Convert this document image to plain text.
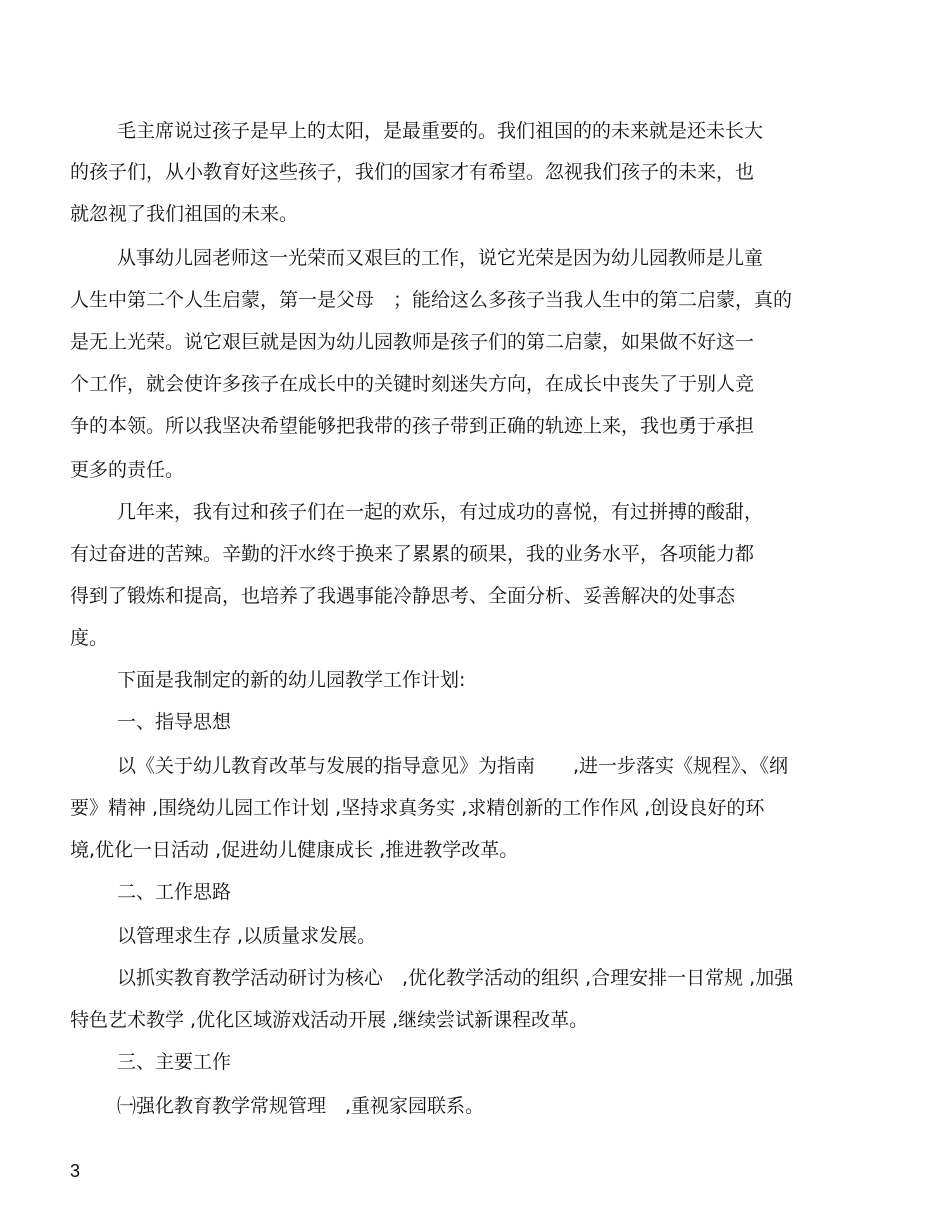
毛主席说过孩子是早上的太阳，是最重要的。我们祖国的的未来就是还未长大
的孩子们，从小教育好这些孩子，我们的国家才有希望。忽视我们孩子的未来，也
就忽视了我们祖国的未来。
从事幼儿园老师这一光荣而又艰巨的工作，说它光荣是因为幼儿园教师是儿童
人生中第二个人生启蒙，第一是父母　；能给这么多孩子当我人生中的第二启蒙，真的
是无上光荣。说它艰巨就是因为幼儿园教师是孩子们的第二启蒙，如果做不好这一
个工作，就会使许多孩子在成长中的关键时刻迷失方向，在成长中丧失了于别人竞
争的本领。所以我坚决希望能够把我带的孩子带到正确的轨迹上来，我也勇于承担
更多的责任。
几年来，我有过和孩子们在一起的欢乐，有过成功的喜悦，有过拼搏的酸甜，
有过奋进的苦辣。辛勤的汗水终于换来了累累的硕果，我的业务水平，各项能力都
得到了锻炼和提高，也培养了我遇事能冷静思考、全面分析、妥善解决的处事态
度。
下面是我制定的新的幼儿园教学工作计划:
一、指导思想
以《关于幼儿教育改革与发展的指导意见》为指南　　,进一步落实《规程》、《纲
要》精神 ,围绕幼儿园工作计划 ,坚持求真务实 ,求精创新的工作作风 ,创设良好的环
境,优化一日活动 ,促进幼儿健康成长 ,推进教学改革。
二、工作思路
以管理求生存 ,以质量求发展。
以抓实教育教学活动研讨为核心　,优化教学活动的组织 ,合理安排一日常规 ,加强
特色艺术教学 ,优化区域游戏活动开展 ,继续尝试新课程改革。
三、主要工作
㈠强化教育教学常规管理　,重视家园联系。
3
